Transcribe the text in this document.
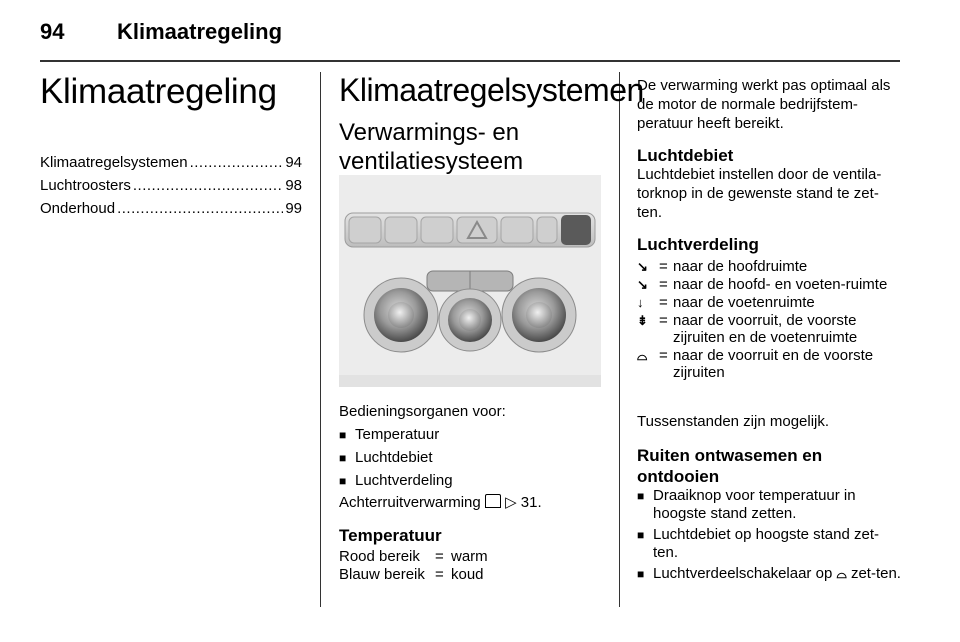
94 Klimaatregeling
Klimaatregeling
Klimaatregelsystemen .....	94
Luchtroosters .....	98
Onderhoud .....	99
Klimaatregelsystemen
Verwarmings- en ventilatiesysteem
Bedieningsorganen voor:
■ Temperatuur
■ Luchtdebiet
■ Luchtverdeling
Achterruitverwarming ▷ 31.
Temperatuur
Rood bereik	= warm
Blauw bereik = koud
De verwarming werkt pas optimaal als de motor de normale bedrijfstem-peratuur heeft bereikt.
Luchtdebiet
Luchtdebiet instellen door de ventila-torknop in de gewenste stand te zet-ten.
Luchtverdeling
↘ = naar de hoofdruimte
↘ = naar de hoofd- en voeten-ruimte
↓	= naar de voetenruimte
⇟ = naar de voorruit, de voorste zijruiten en de voetenruimte
⌓ = naar de voorruit en de voorste zijruiten
Tussenstanden zijn mogelijk.
Ruiten ontwasemen en ontdooien
■ Draaiknop voor temperatuur in hoogste stand zetten.
■ Luchtdebiet op hoogste stand zet-ten.
■ Luchtverdeelschakelaar op ⌓ zet-ten.
